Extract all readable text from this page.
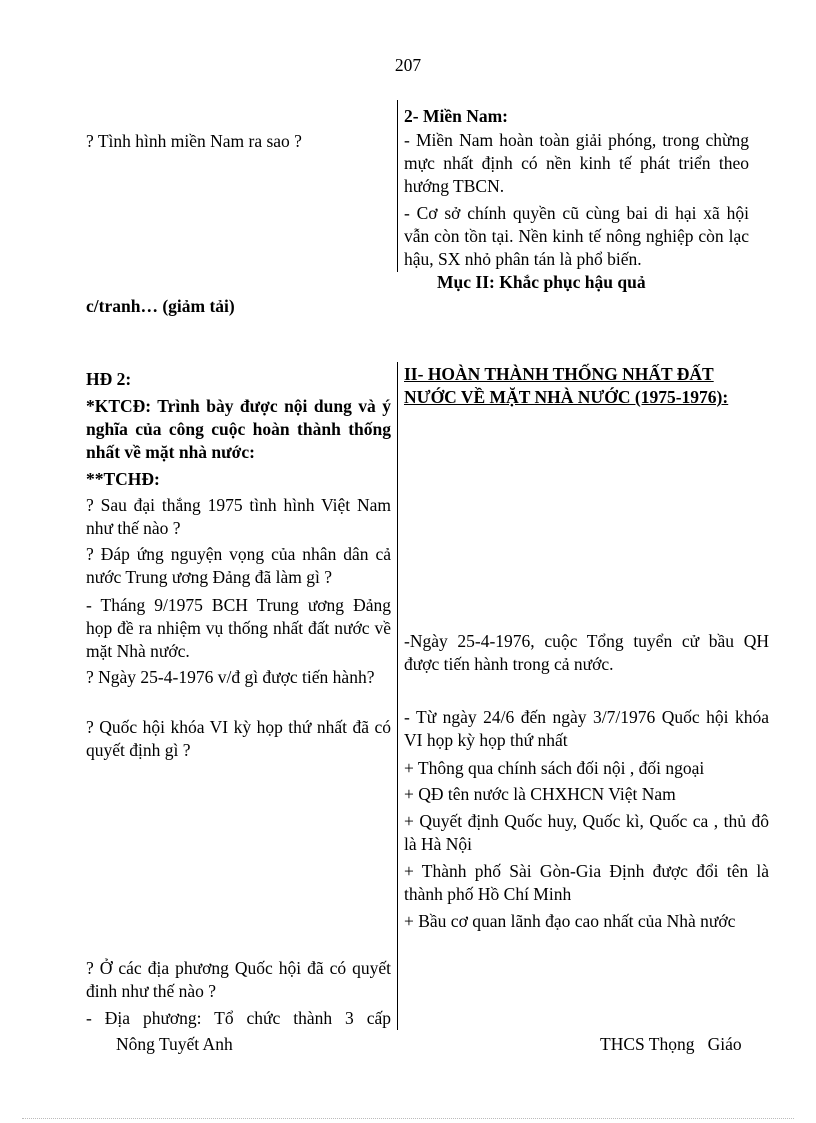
207
? Tình hình miền Nam ra sao ?
2- Miền Nam:
- Miền Nam hoàn toàn giải phóng, trong chừng mực nhất định có nền kinh tế phát triển theo hướng TBCN.
- Cơ sở chính quyền cũ cùng bai di hại xã hội vẫn còn tồn tại. Nền kinh tế nông nghiệp còn lạc hậu, SX nhỏ phân tán là phổ biến.
Mục II: Khắc phục hậu quả
c/tranh… (giảm tải)
HĐ 2:
*KTCĐ: Trình bày được nội dung và ý nghĩa của công cuộc hoàn thành thống nhất về mặt nhà nước:
**TCHĐ:
? Sau đại thắng 1975 tình hình Việt Nam như thế nào ?
? Đáp ứng nguyện vọng của nhân dân cả nước Trung ương Đảng đã làm gì ?
- Tháng 9/1975 BCH Trung ương Đảng họp đề ra nhiệm vụ thống nhất đất nước về mặt Nhà nước.
? Ngày 25-4-1976 v/đ gì được tiến hành?
? Quốc hội khóa VI kỳ họp thứ nhất đã có quyết định gì ?
? Ở các địa phương Quốc hội đã có quyết đinh như thế nào ?
- Địa phương: Tổ chức thành 3 cấp
II- HOÀN THÀNH THỐNG NHẤT ĐẤT NƯỚC VỀ MẶT NHÀ NƯỚC (1975-1976):
-Ngày 25-4-1976, cuộc Tổng tuyển cử bầu QH được tiến hành trong cả nước.
- Từ ngày 24/6 đến ngày 3/7/1976 Quốc hội khóa VI họp kỳ họp thứ nhất
+ Thông qua chính sách đối nội , đối ngoại
+ QĐ tên nước là CHXHCN Việt Nam
+ Quyết định Quốc huy, Quốc kì, Quốc ca , thủ đô là Hà Nội
+ Thành phố Sài Gòn-Gia Định được đổi tên là thành phố Hồ Chí Minh
+ Bầu cơ quan lãnh đạo cao nhất của Nhà nước
Nông Tuyết Anh	THCS Thọng   Giáo
